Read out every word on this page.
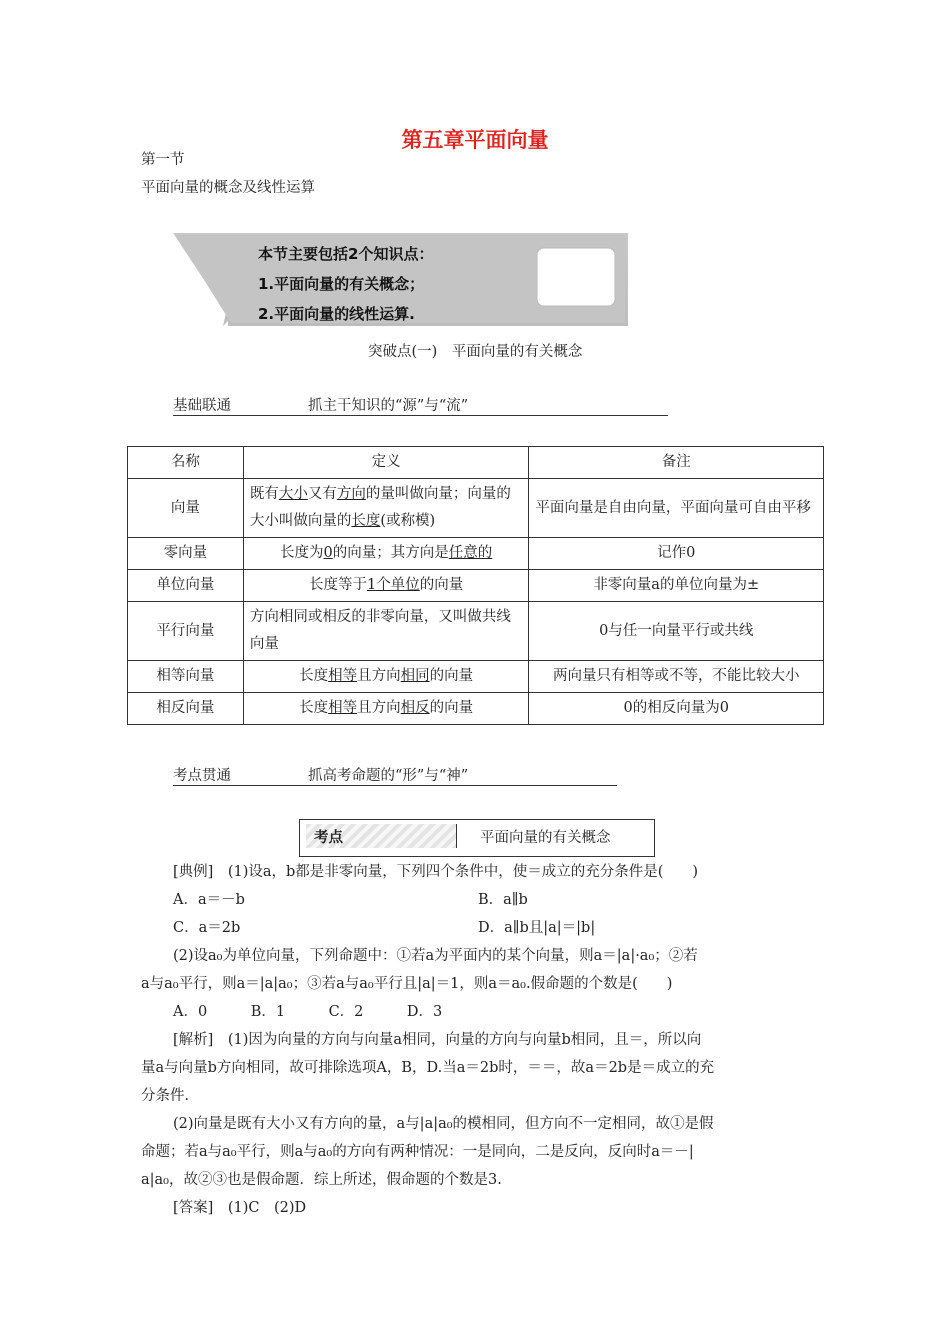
第五章平面向量
第一节
平面向量的概念及线性运算
本节主要包括2个知识点：
1.平面向量的有关概念；
2.平面向量的线性运算.
突破点(一)　平面向量的有关概念
基础联通	抓主干知识的“源”与“流”
名称	定义	备注
向量	既有大小又有方向的量叫做向量；向量的大小叫做向量的长度(或称模)	平面向量是自由向量，平面向量可自由平移
零向量	长度为0的向量；其方向是任意的	记作0
单位向量	长度等于1个单位的向量	非零向量a的单位向量为±
平行向量	方向相同或相反的非零向量，又叫做共线向量	0与任一向量平行或共线
相等向量	长度相等且方向相同的向量	两向量只有相等或不等，不能比较大小
相反向量	长度相等且方向相反的向量	0的相反向量为0
考点贯通	抓高考命题的“形”与“神”
考点	平面向量的有关概念
[典例]　(1)设a，b都是非零向量，下列四个条件中，使＝成立的充分条件是(　　)
A．a＝－b	B．a∥b
C．a＝2b	D．a∥b且|a|＝|b|
(2)设a₀为单位向量，下列命题中：①若a为平面内的某个向量，则a＝|a|·a₀；②若
a与a₀平行，则a＝|a|a₀；③若a与a₀平行且|a|＝1，则a＝a₀.假命题的个数是(　　)
A．0　　　B．1　　　C．2　　　D．3
[解析]　(1)因为向量的方向与向量a相同，向量的方向与向量b相同，且＝，所以向
量a与向量b方向相同，故可排除选项A，B，D.当a＝2b时，＝＝，故a＝2b是＝成立的充
分条件.
(2)向量是既有大小又有方向的量，a与|a|a₀的模相同，但方向不一定相同，故①是假
命题；若a与a₀平行，则a与a₀的方向有两种情况：一是同向，二是反向，反向时a＝－|
a|a₀，故②③也是假命题．综上所述，假命题的个数是3.
[答案]　(1)C　(2)D
